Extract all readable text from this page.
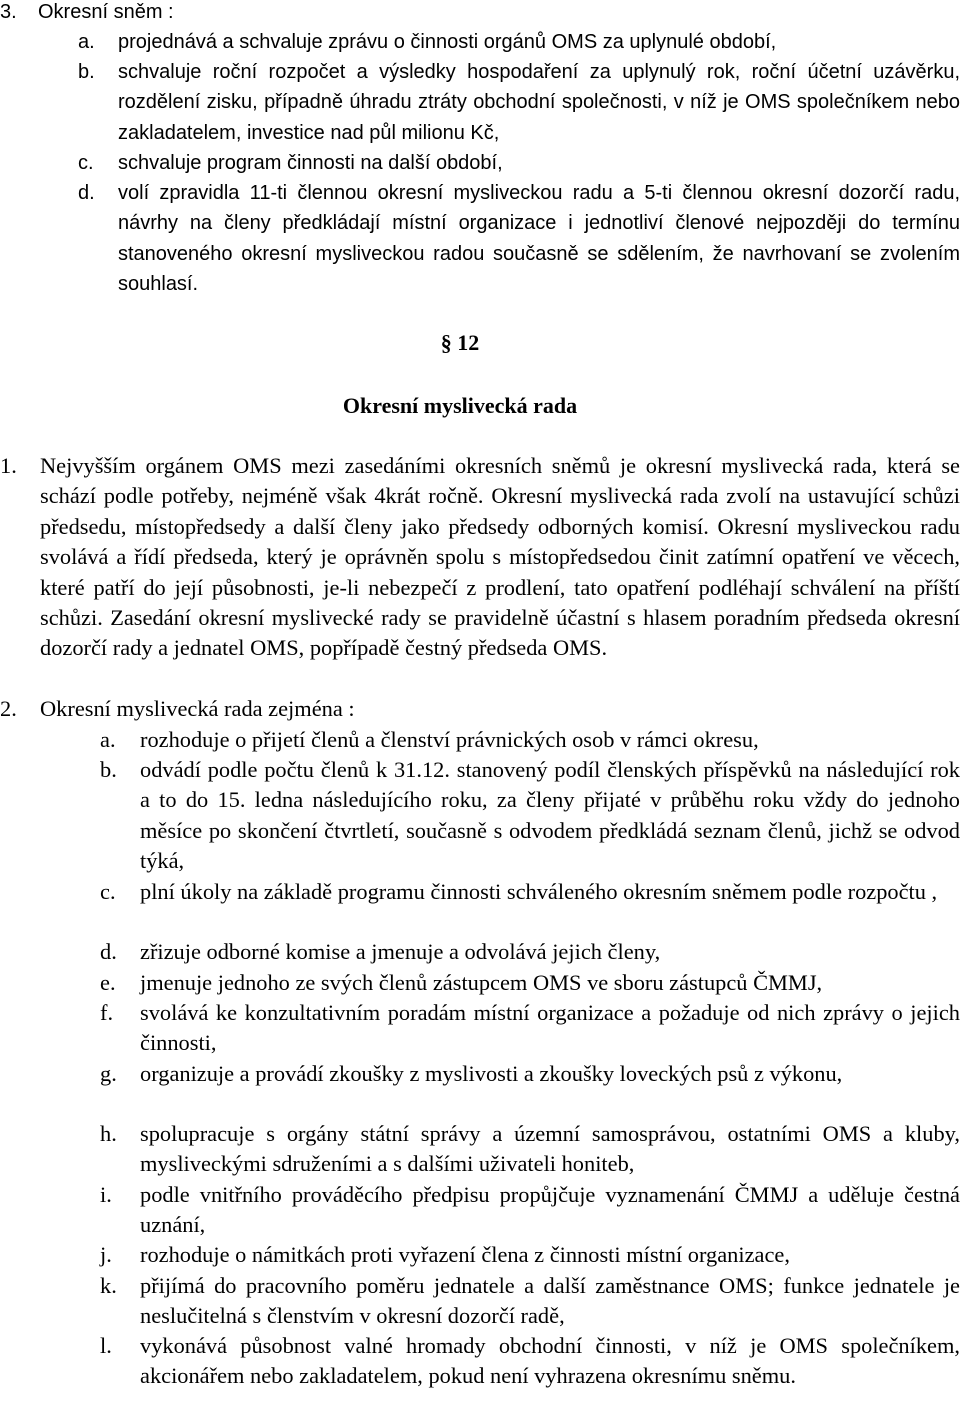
3.	Okresní sněm :
a.	projednává a schvaluje zprávu o činnosti orgánů OMS za uplynulé období,
b.	schvaluje roční rozpočet a výsledky hospodaření za uplynulý rok, roční účetní uzávěrku, rozdělení zisku, případně úhradu ztráty obchodní společnosti, v níž je OMS společníkem nebo zakladatelem, investice nad půl milionu Kč,
c.	schvaluje program činnosti na další období,
d.	volí zpravidla 11-ti člennou okresní mysliveckou radu a 5-ti člennou okresní dozorčí radu, návrhy na členy předkládají místní organizace i jednotliví členové nejpozději do termínu stanoveného okresní mysliveckou radou současně se sdělením, že navrhovaní se zvolením souhlasí.
§ 12
Okresní myslivecká rada
1.	Nejvyšším orgánem OMS mezi zasedáními okresních sněmů je okresní myslivecká rada, která se schází podle potřeby, nejméně však 4krát ročně. Okresní myslivecká rada zvolí na ustavující schůzi předsedu, místopředsedy a další členy jako předsedy odborných komisí. Okresní mysliveckou radu svolává a řídí předseda, který je oprávněn spolu s místopředsedou činit zatímní opatření ve věcech, které patří do její působnosti, je-li nebezpečí z prodlení, tato opatření podléhají schválení na příští schůzi. Zasedání okresní myslivecké rady se pravidelně účastní s hlasem poradním předseda okresní dozorčí rady a jednatel OMS, popřípadě čestný předseda OMS.
2.	Okresní myslivecká rada zejména :
a.	rozhoduje o přijetí členů a členství právnických osob v rámci okresu,
b.	odvádí podle počtu členů k 31.12. stanovený podíl členských příspěvků na následující rok a to do 15. ledna následujícího roku, za členy přijaté v průběhu roku vždy do jednoho měsíce po skončení čtvrtletí, současně s odvodem předkládá seznam členů, jichž se odvod týká,
c.	plní úkoly na základě programu činnosti schváleného okresním sněmem podle rozpočtu ,
d.	zřizuje odborné komise a jmenuje a odvolává jejich členy,
e.	jmenuje jednoho ze svých členů zástupcem OMS ve sboru zástupců ČMMJ,
f.	svolává ke konzultativním poradám místní organizace a požaduje od nich zprávy o jejich činnosti,
g.	organizuje a provádí zkoušky z myslivosti a zkoušky loveckých psů z výkonu,
h.	spolupracuje s orgány státní správy a územní samosprávou, ostatními OMS a kluby, mysliveckými sdruženími a s dalšími uživateli honiteb,
i.	podle vnitřního prováděcího předpisu propůjčuje vyznamenání ČMMJ a uděluje čestná uznání,
j.	rozhoduje o námitkách proti vyřazení člena z činnosti místní organizace,
k.	přijímá do pracovního poměru jednatele a další zaměstnance OMS; funkce jednatele je neslučitelná s členstvím v okresní dozorčí radě,
l.	vykonává působnost valné hromady obchodní činnosti, v níž je OMS společníkem, akcionářem nebo zakladatelem, pokud není vyhrazena okresnímu sněmu.
